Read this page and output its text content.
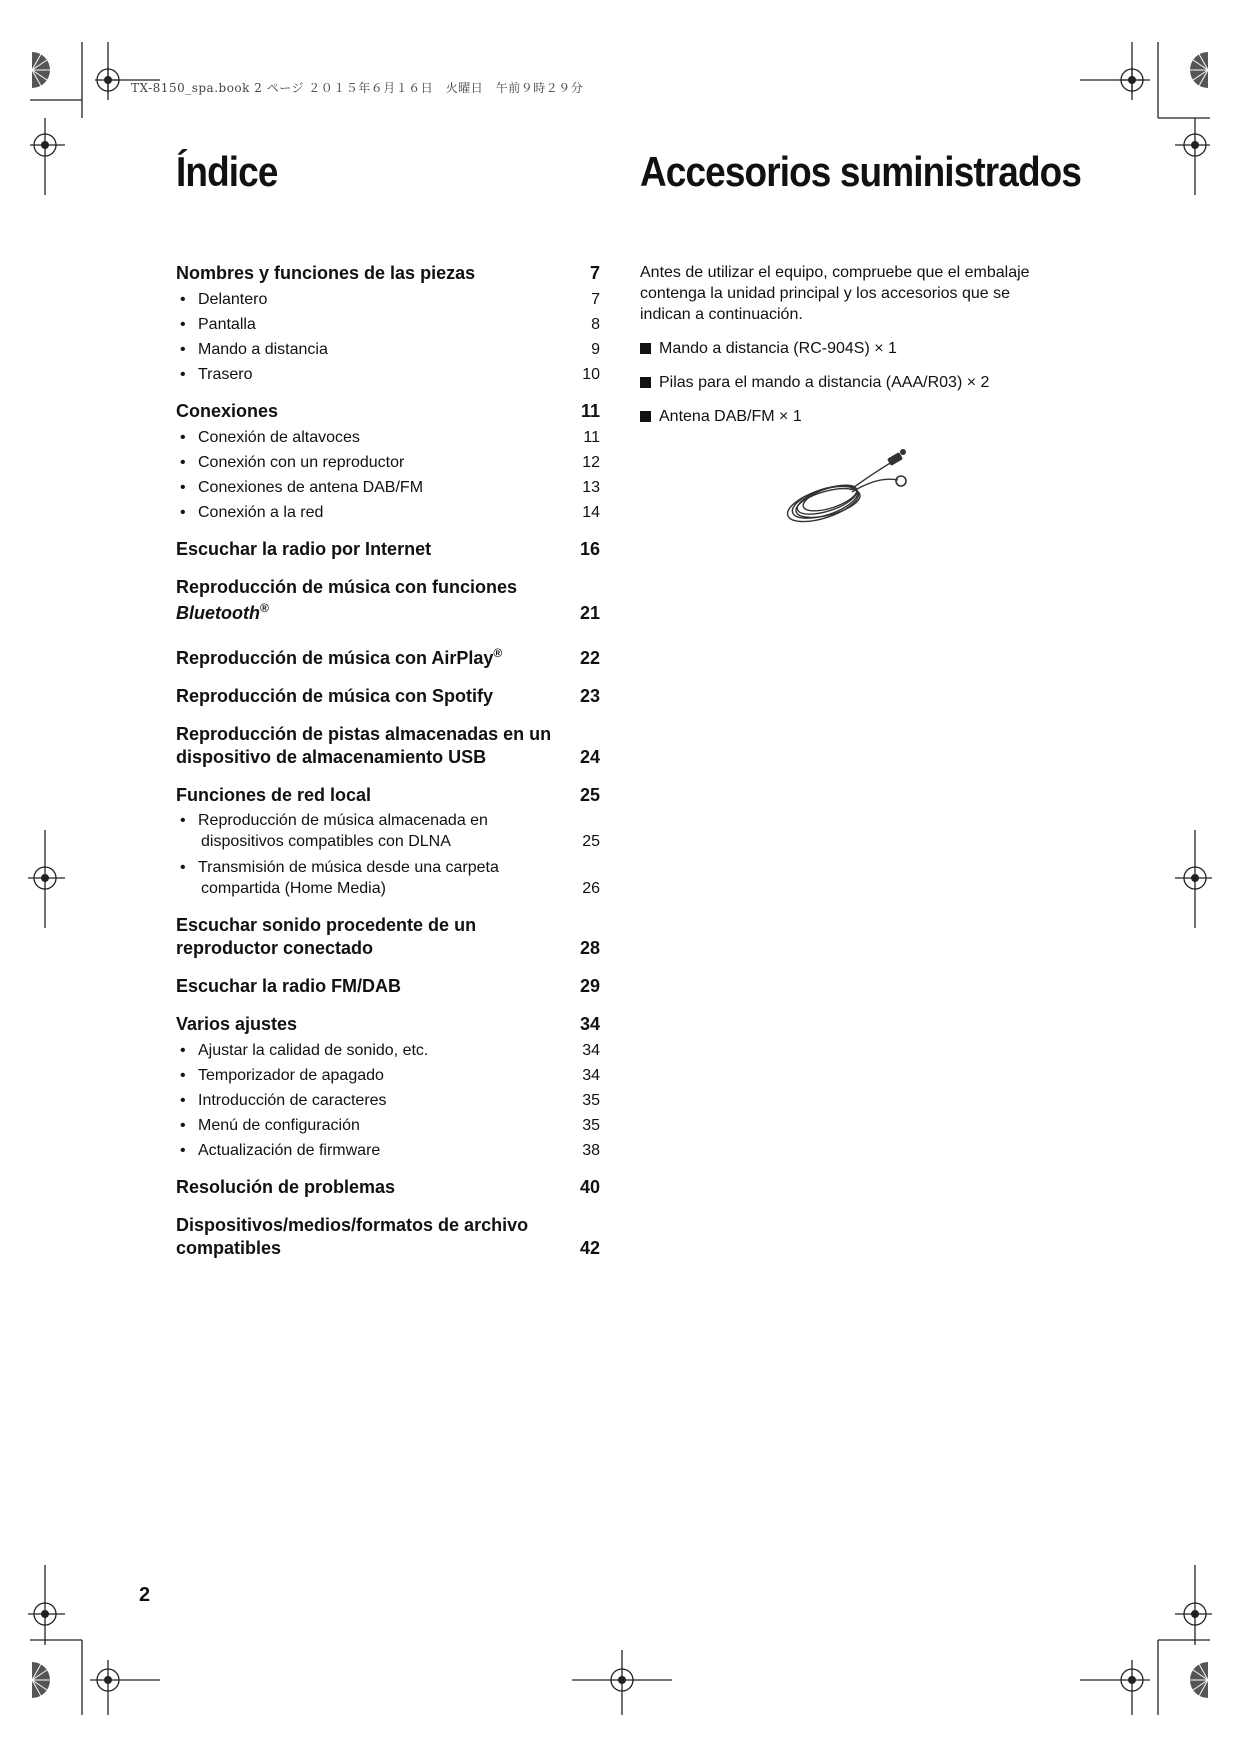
TX-8150_spa.book 2 ページ ２０１５年６月１６日　火曜日　午前９時２９分
Índice	Accesorios suministrados
Nombres y funciones de las piezas	7
• Delantero	7
• Pantalla	8
• Mando a distancia	9
• Trasero	10
Conexiones	11
• Conexión de altavoces	11
• Conexión con un reproductor	12
• Conexiones de antena DAB/FM	13
• Conexión a la red	14
Escuchar la radio por Internet	16
Reproducción de música con funciones
Bluetooth®	21
Reproducción de música con AirPlay®	22
Reproducción de música con Spotify	23
Reproducción de pistas almacenadas en un
dispositivo de almacenamiento USB	24
Funciones de red local	25
• Reproducción de música almacenada en
dispositivos compatibles con DLNA	25
• Transmisión de música desde una carpeta
compartida (Home Media)	26
Escuchar sonido procedente de un
reproductor conectado	28
Escuchar la radio FM/DAB	29
Varios ajustes	34
• Ajustar la calidad de sonido, etc.	34
• Temporizador de apagado	34
• Introducción de caracteres	35
• Menú de configuración	35
• Actualización de firmware	38
Resolución de problemas	40
Dispositivos/medios/formatos de archivo
compatibles	42

Antes de utilizar el equipo, compruebe que el embalaje contenga la unidad principal y los accesorios que se indican a continuación.

Mando a distancia (RC-904S) × 1
Pilas para el mando a distancia (AAA/R03) × 2
Antena DAB/FM × 1
2
